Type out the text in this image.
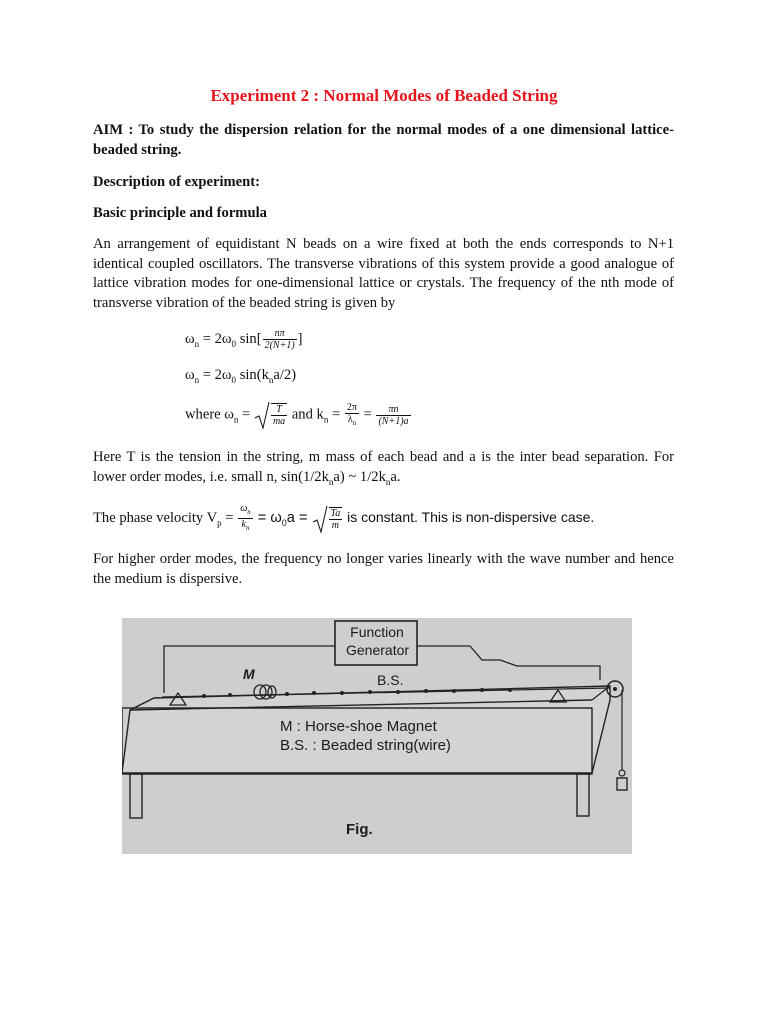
Experiment 2 : Normal Modes of Beaded String
AIM : To study the dispersion relation for the normal modes of a one dimensional lattice-beaded string.
Description of experiment:
Basic principle and formula
An arrangement of equidistant N beads on a wire fixed at both the ends corresponds to N+1 identical coupled oscillators. The transverse vibrations of this system provide a good analogue of lattice vibration modes for one-dimensional lattice or crystals. The frequency of the nth mode of transverse vibration of the beaded string is given by
$\omega_n = 2\omega_0$ $\sin[ \frac{n\pi}{2(N+1)}$ ]
$\omega_n = 2\omega_0$ $\sin(k_na/2)$
where $\omega_n = \frac{T}{ma}$ and $k_n = \frac{2\pi}{\lambda_n} = \frac{\pi n}{(N+1)a}$
Here T is the tension in the string, m mass of each bead and a is the inter bead separation. For
lower order modes, i.e. small n, $\sin(1/2k_na)$ ~ $1/2k_na$.
The phase velocity $V_p = \frac{\omega_n}{k_n} = \omega_0a = \frac{Ta}{m}$ is constant. This is non-dispersive case.
For higher order modes, the frequency no longer varies linearly with the wave number and hence the medium is dispersive.
Function
Generator
M	B.S.
M : Horse-shoe Magnet
B.S. : Beaded string(wire)
Fig.
